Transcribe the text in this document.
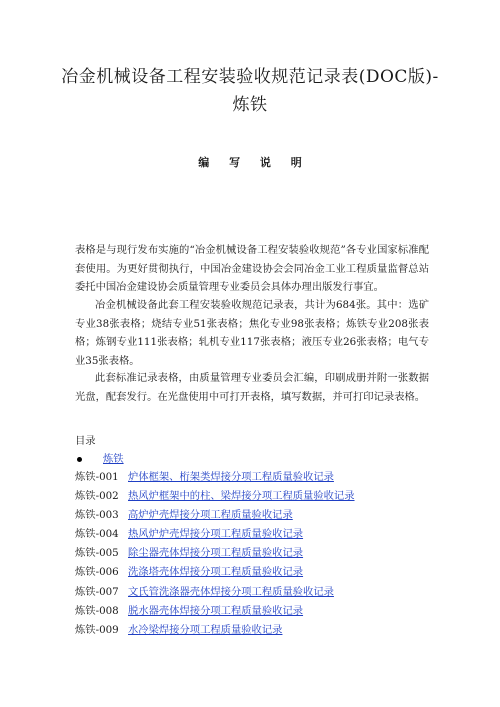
冶金机械设备工程安装验收规范记录表(DOC版)- 炼铁
编 写 说 明

表格是与现行发布实施的“冶金机械设备工程安装验收规范”各专业国家标准配套使用。为更好贯彻执行，中国冶金建设协会会同冶金工业工程质量监督总站委托中国冶金建设协会质量管理专业委员会具体办理出版发行事宜。

冶金机械设备此套工程安装验收规范记录表，共计为684张。其中：选矿专业38张表格；烧结专业51张表格；焦化专业98张表格；炼铁专业208张表格；炼钢专业111张表格；轧机专业117张表格；液压专业26张表格；电气专业35张表格。

此套标准记录表格，由质量管理专业委员会汇编，印刷成册并附一张数据光盘，配套发行。在光盘使用中可打开表格，填写数据，并可打印记录表格。

目录
炼铁
炼铁-001 炉体框架、桁架类焊接分项工程质量验收记录
炼铁-002 热风炉框架中的柱、梁焊接分项工程质量验收记录
炼铁-003 高炉炉壳焊接分项工程质量验收记录
炼铁-004 热风炉炉壳焊接分项工程质量验收记录
炼铁-005 除尘器壳体焊接分项工程质量验收记录
炼铁-006 洗涤塔壳体焊接分项工程质量验收记录
炼铁-007 文氏管洗涤器壳体焊接分项工程质量验收记录
炼铁-008 脱水器壳体焊接分项工程质量验收记录
炼铁-009 水冷梁焊接分项工程质量验收记录
